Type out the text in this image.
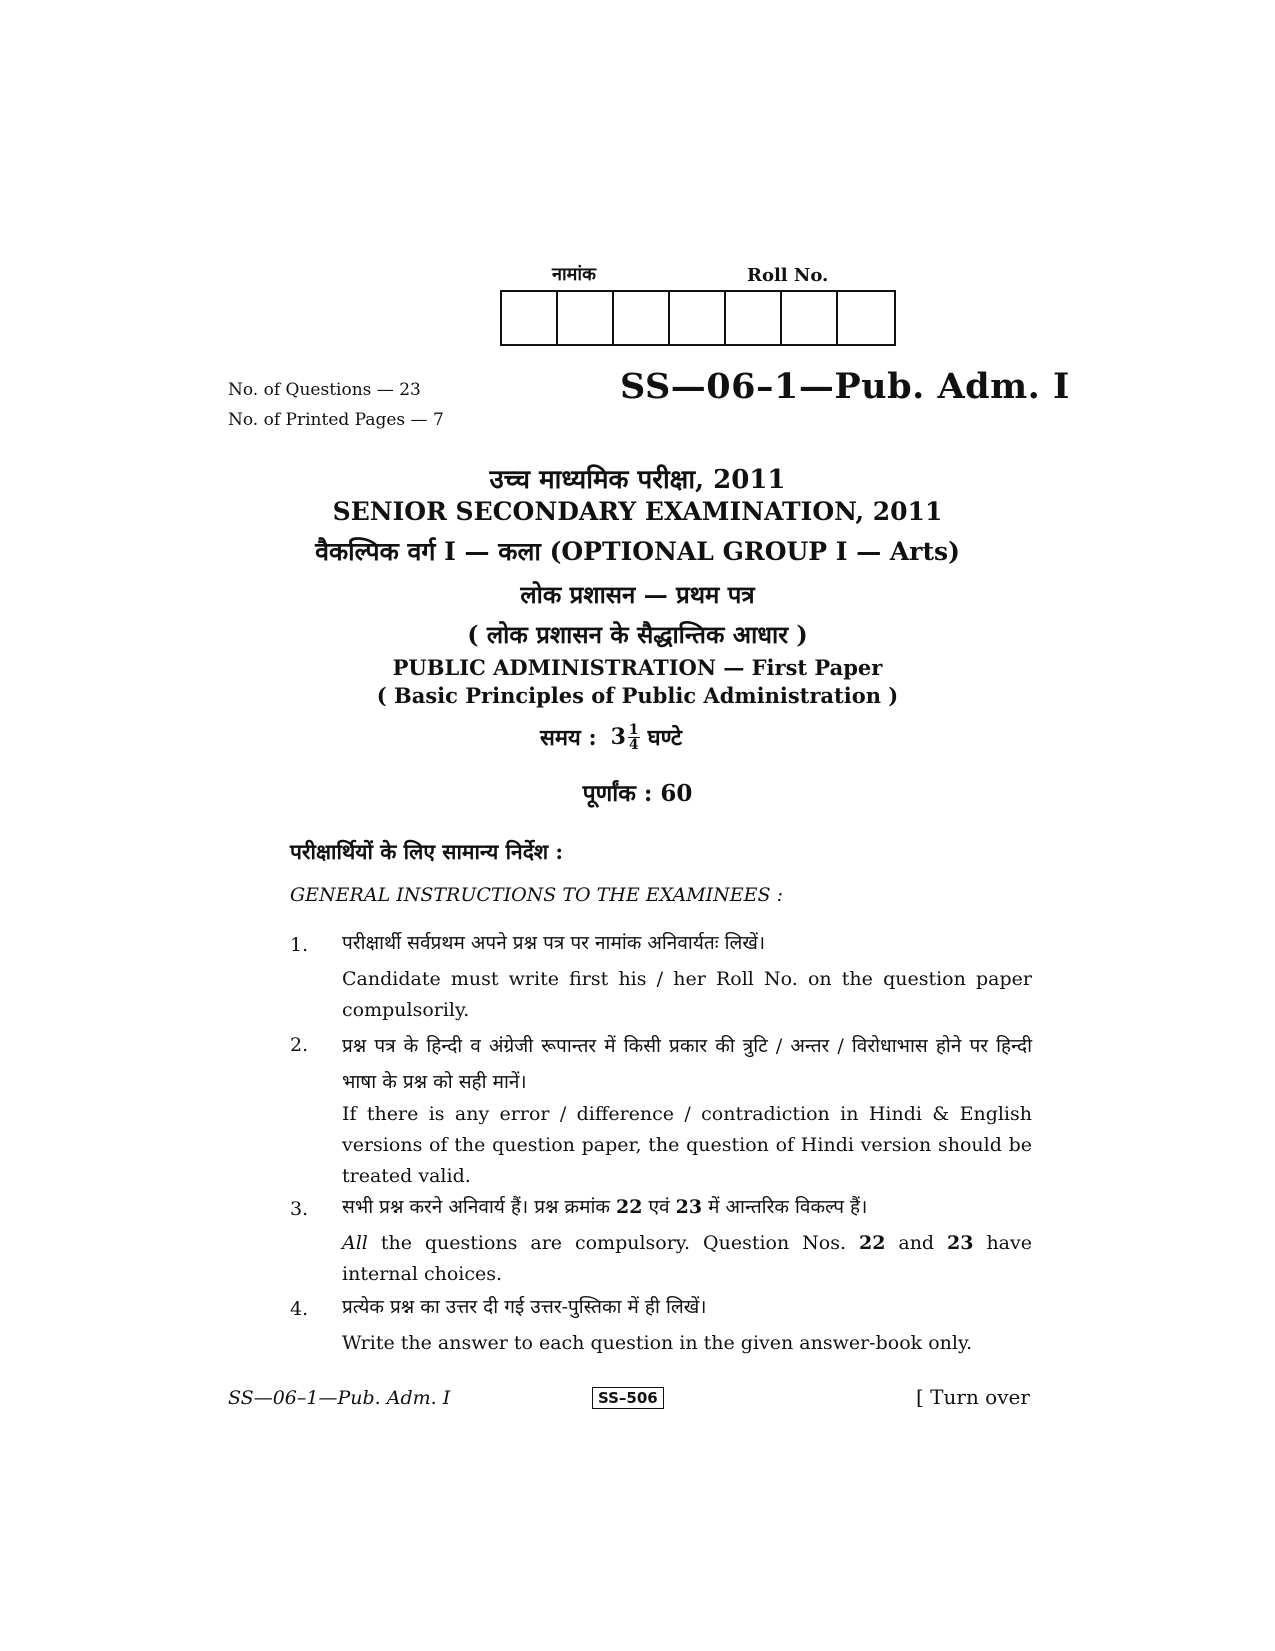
नामांक	Roll No.
No. of Questions — 23
No. of Printed Pages — 7
SS—06–1—Pub. Adm. I
उच्च माध्यमिक परीक्षा, 2011
SENIOR SECONDARY EXAMINATION, 2011
वैकल्पिक वर्ग I — कला (OPTIONAL GROUP I — Arts)
लोक प्रशासन — प्रथम पत्र
( लोक प्रशासन के सैद्धान्तिक आधार )
PUBLIC ADMINISTRATION — First Paper
( Basic Principles of Public Administration )
समय : $3 \frac{1}{4}$ घण्टे
पूर्णांक : 60
परीक्षार्थियों के लिए सामान्य निर्देश :
GENERAL INSTRUCTIONS TO THE EXAMINEES :
1. परीक्षार्थी सर्वप्रथम अपने प्रश्न पत्र पर नामांक अनिवार्यतः लिखें।
Candidate must write first his / her Roll No. on the question paper compulsorily.
2. प्रश्न पत्र के हिन्दी व अंग्रेजी रूपान्तर में किसी प्रकार की त्रुटि / अन्तर / विरोधाभास होने पर हिन्दी भाषा के प्रश्न को सही मानें।
If there is any error / difference / contradiction in Hindi & English versions of the question paper, the question of Hindi version should be treated valid.
3. सभी प्रश्न करने अनिवार्य हैं। प्रश्न क्रमांक 22 एवं 23 में आन्तरिक विकल्प हैं।
All the questions are compulsory. Question Nos. 22 and 23 have internal choices.
4. प्रत्येक प्रश्न का उत्तर दी गई उत्तर-पुस्तिका में ही लिखें।
Write the answer to each question in the given answer-book only.
SS—06–1—Pub. Adm. I	SS–506	[ Turn over
